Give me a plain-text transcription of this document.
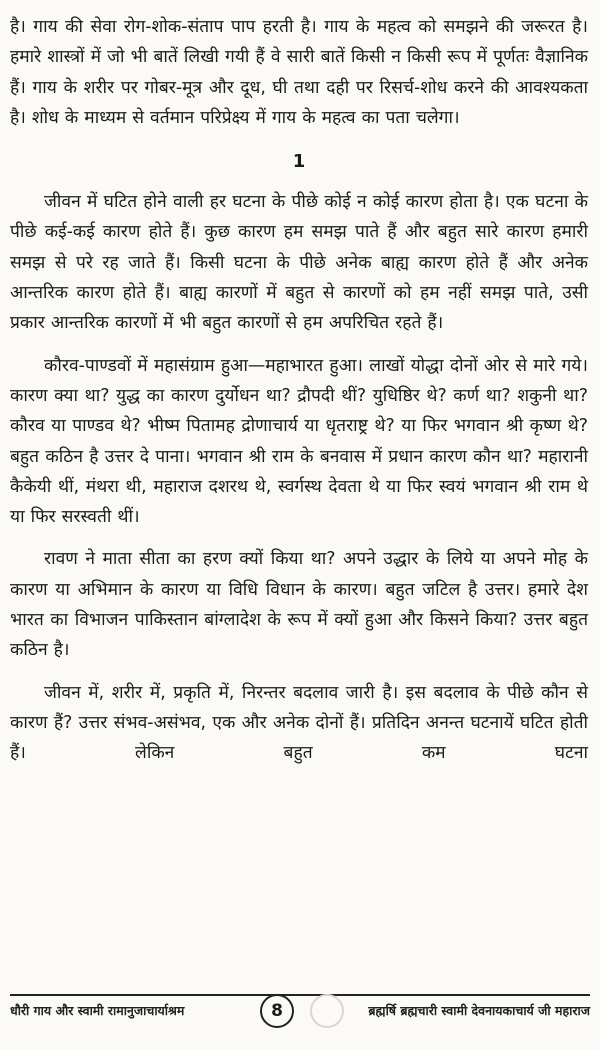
है। गाय की सेवा रोग-शोक-संताप पाप हरती है। गाय के महत्व को समझने की जरूरत है। हमारे शास्त्रों में जो भी बातें लिखी गयी हैं वे सारी बातें किसी न किसी रूप में पूर्णतः वैज्ञानिक हैं। गाय के शरीर पर गोबर-मूत्र और दूध, घी तथा दही पर रिसर्च-शोध करने की आवश्यकता है। शोध के माध्यम से वर्तमान परिप्रेक्ष्य में गाय के महत्व का पता चलेगा।

1

जीवन में घटित होने वाली हर घटना के पीछे कोई न कोई कारण होता है। एक घटना के पीछे कई-कई कारण होते हैं। कुछ कारण हम समझ पाते हैं और बहुत सारे कारण हमारी समझ से परे रह जाते हैं। किसी घटना के पीछे अनेक बाह्य कारण होते हैं और अनेक आन्तरिक कारण होते हैं। बाह्य कारणों में बहुत से कारणों को हम नहीं समझ पाते, उसी प्रकार आन्तरिक कारणों में भी बहुत कारणों से हम अपरिचित रहते हैं।

कौरव-पाण्डवों में महासंग्राम हुआ—महाभारत हुआ। लाखों योद्धा दोनों ओर से मारे गये। कारण क्या था? युद्ध का कारण दुर्योधन था? द्रौपदी थीं? युधिष्ठिर थे? कर्ण था? शकुनी था? कौरव या पाण्डव थे? भीष्म पितामह द्रोणाचार्य या धृतराष्ट्र थे? या फिर भगवान श्री कृष्ण थे? बहुत कठिन है उत्तर दे पाना। भगवान श्री राम के बनवास में प्रधान कारण कौन था? महारानी कैकेयी थीं, मंथरा थी, महाराज दशरथ थे, स्वर्गस्थ देवता थे या फिर स्वयं भगवान श्री राम थे या फिर सरस्वती थीं।

रावण ने माता सीता का हरण क्यों किया था? अपने उद्धार के लिये या अपने मोह के कारण या अभिमान के कारण या विधि विधान के कारण। बहुत जटिल है उत्तर। हमारे देश भारत का विभाजन पाकिस्तान बांग्लादेश के रूप में क्यों हुआ और किसने किया? उत्तर बहुत कठिन है।

जीवन में, शरीर में, प्रकृति में, निरन्तर बदलाव जारी है। इस बदलाव के पीछे कौन से कारण हैं? उत्तर संभव-असंभव, एक और अनेक दोनों हैं। प्रतिदिन अनन्त घटनायें घटित होती हैं। लेकिन बहुत कम घटना

धौरी गाय और स्वामी रामानुजाचार्याश्रम	8	ब्रह्मर्षि ब्रह्मचारी स्वामी देवनायकाचार्य जी महाराज
